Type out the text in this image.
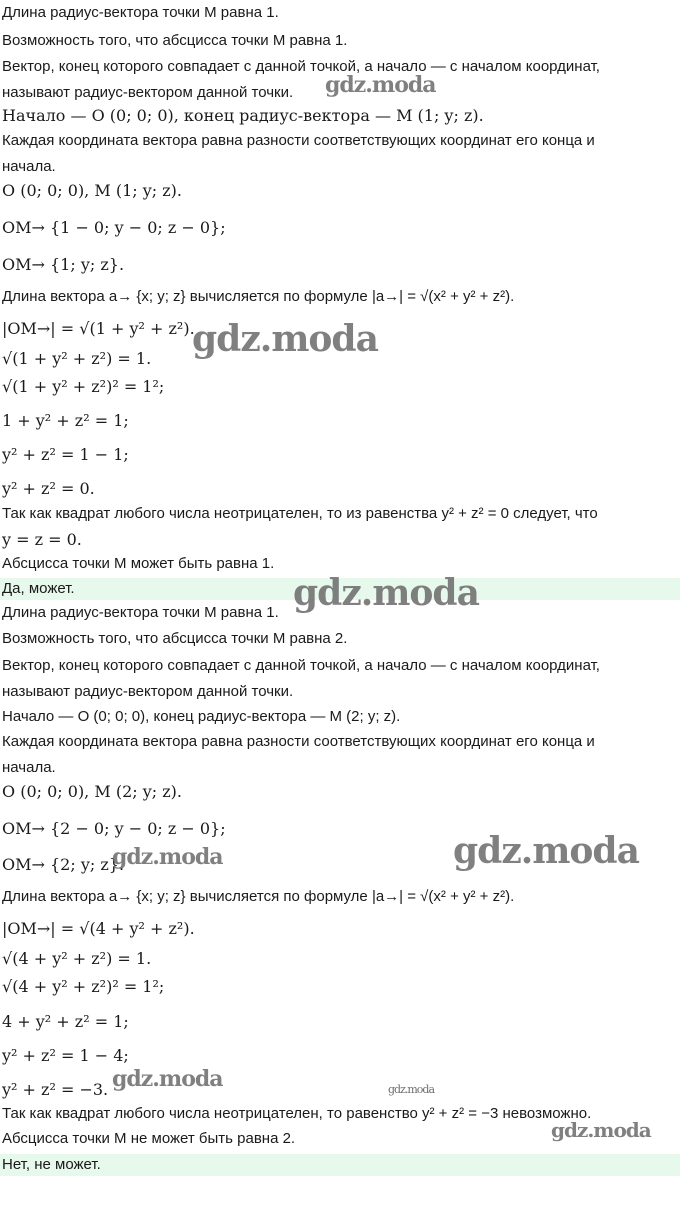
Длина радиус-вектора точки M равна 1.
Возможность того, что абсцисса точки M равна 1.
Вектор, конец которого совпадает с данной точкой, а начало — с началом координат,
называют радиус-вектором данной точки.
Начало — O (0; 0; 0), конец радиус-вектора — M (1; y; z).
Каждая координата вектора равна разности соответствующих координат его конца и
начала.
O (0; 0; 0), M (1; y; z).
OM→ {1 − 0; y − 0; z − 0};
OM→ {1; y; z}.
Длина вектора a→ {x; y; z} вычисляется по формуле |a→| = √(x² + y² + z²).
|OM→| = √(1 + y² + z²).
√(1 + y² + z²) = 1.
√(1 + y² + z²)² = 1²;
1 + y² + z² = 1;
y² + z² = 1 − 1;
y² + z² = 0.
Так как квадрат любого числа неотрицателен, то из равенства y² + z² = 0 следует, что
y = z = 0.
Абсцисса точки M может быть равна 1.
Да, может.
Длина радиус-вектора точки M равна 1.
Возможность того, что абсцисса точки M равна 2.
Вектор, конец которого совпадает с данной точкой, а начало — с началом координат,
называют радиус-вектором данной точки.
Начало — O (0; 0; 0), конец радиус-вектора — M (2; y; z).
Каждая координата вектора равна разности соответствующих координат его конца и
начала.
O (0; 0; 0), M (2; y; z).
OM→ {2 − 0; y − 0; z − 0};
OM→ {2; y; z}.
Длина вектора a→ {x; y; z} вычисляется по формуле |a→| = √(x² + y² + z²).
|OM→| = √(4 + y² + z²).
√(4 + y² + z²) = 1.
√(4 + y² + z²)² = 1²;
4 + y² + z² = 1;
y² + z² = 1 − 4;
y² + z² = −3.
Так как квадрат любого числа неотрицателен, то равенство y² + z² = −3 невозможно.
Абсцисса точки M не может быть равна 2.
Нет, не может.
gdz.moda
gdz.moda
gdz.moda
gdz.moda
gdz.moda
gdz.moda	gdz.moda
gdz.moda
